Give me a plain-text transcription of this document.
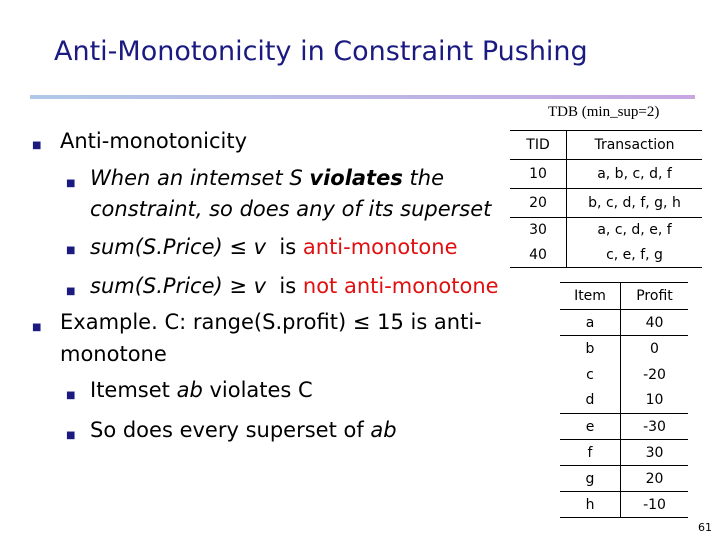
Anti-Monotonicity in Constraint Pushing
TDB (min_sup=2)
■ Anti-monotonicity
■ When an intemset S violates the
constraint, so does any of its superset
■ sum(S.Price) ≤ v  is anti-monotone
■ sum(S.Price) ≥ v  is not anti-monotone
■ Example. C: range(S.profit) ≤ 15 is anti-
monotone
■ Itemset ab violates C
■ So does every superset of ab
TID	Transaction
10	a, b, c, d, f
20	b, c, d, f, g, h
30	a, c, d, e, f
40	c, e, f, g
Item	Profit
a	40
b	0
c	-20
d	10
e	-30
f	30
g	20
h	-10
61
